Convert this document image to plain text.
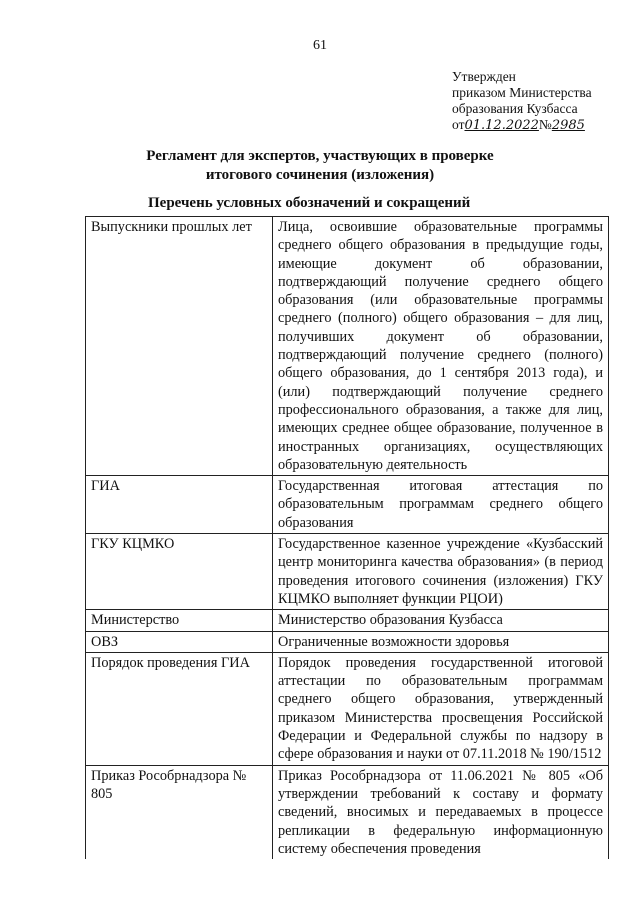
61
Утвержден
приказом Министерства
образования Кузбасса
от01.12.2022№2985
Регламент для экспертов, участвующих в проверке
итогового сочинения (изложения)
Перечень условных обозначений и сокращений
Выпускники прошлых лет	Лица, освоившие образовательные программы среднего общего образования в предыдущие годы, имеющие документ об образовании, подтверждающий получение среднего общего образования (или образовательные программы среднего (полного) общего образования – для лиц, получивших документ об образовании, подтверждающий получение среднего (полного) общего образования, до 1 сентября 2013 года), и (или) подтверждающий получение среднего профессионального образования, а также для лиц, имеющих среднее общее образование, полученное в иностранных организациях, осуществляющих образовательную деятельность
ГИА	Государственная итоговая аттестация по образовательным программам среднего общего образования
ГКУ КЦМКО	Государственное казенное учреждение «Кузбасский центр мониторинга качества образования» (в период проведения итогового сочинения (изложения) ГКУ КЦМКО выполняет функции РЦОИ)
Министерство	Министерство образования Кузбасса
ОВЗ	Ограниченные возможности здоровья
Порядок проведения ГИА	Порядок проведения государственной итоговой аттестации по образовательным программам среднего общего образования, утвержденный приказом Министерства просвещения Российской Федерации и Федеральной службы по надзору в сфере образования и науки от 07.11.2018 № 190/1512
Приказ Рособрнадзора № 805	Приказ Рособрнадзора от 11.06.2021 № 805 «Об утверждении требований к составу и формату сведений, вносимых и передаваемых в процессе репликации в федеральную информационную систему обеспечения проведения
